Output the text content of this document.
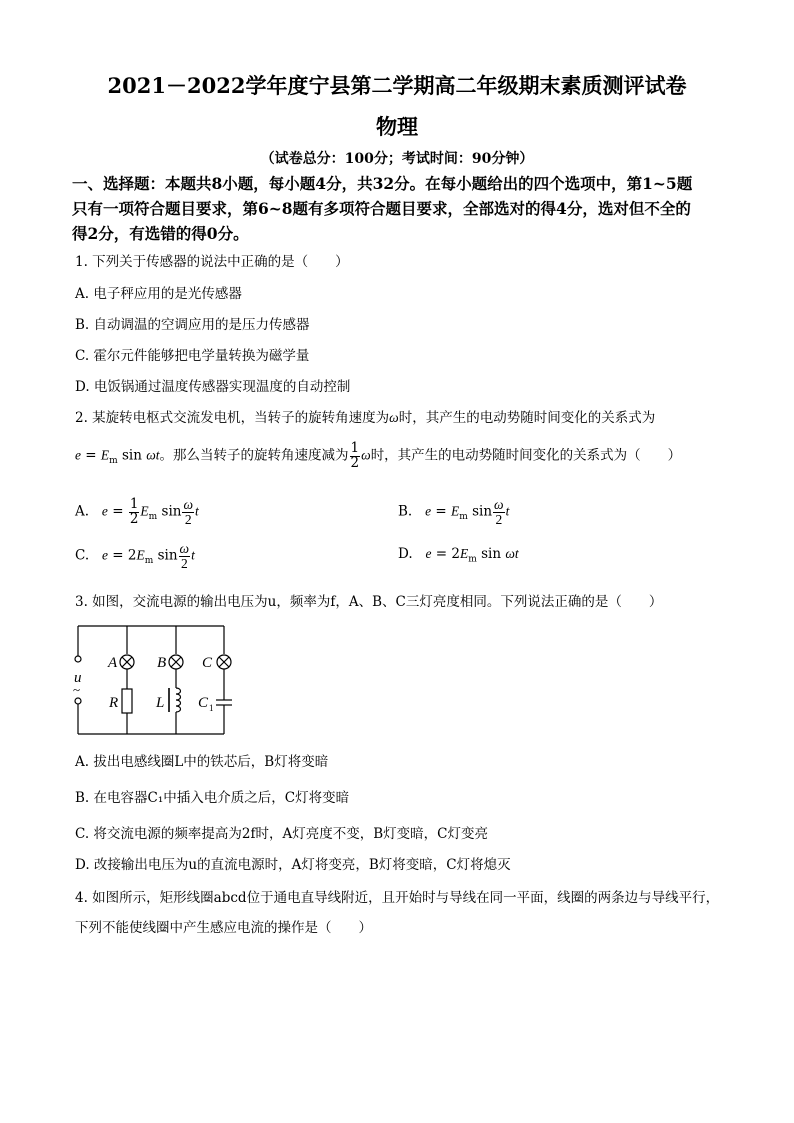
2021－2022学年度宁县第二学期高二年级期末素质测评试卷
物理
（试卷总分：100分；考试时间：90分钟）
一、选择题：本题共8小题，每小题4分，共32分。在每小题给出的四个选项中，第1~5题
只有一项符合题目要求，第6~8题有多项符合题目要求，全部选对的得4分，选对但不全的
得2分，有选错的得0分。
1. 下列关于传感器的说法中正确的是（　　）
A. 电子秤应用的是光传感器
B. 自动调温的空调应用的是压力传感器
C. 霍尔元件能够把电学量转换为磁学量
D. 电饭锅通过温度传感器实现温度的自动控制
2. 某旋转电枢式交流发电机，当转子的旋转角速度为ω时，其产生的电动势随时间变化的关系式为
$e = E_m$ sin ωt。那么当转子的旋转角速度减为 $\frac{1}{2}$ ω时，其产生的电动势随时间变化的关系式为（　　）
A. $e = \frac{1}{2} E_m$ $\sin \frac{\omega}{2}$ t	B. $e = E_m$ $\sin \frac{\omega}{2}$ t
C. $e = 2E_m$ $\sin \frac{\omega}{2}$ t	D. $e = 2E_m$ sin ωt
3. 如图，交流电源的输出电压为u，频率为f，A、B、C三灯亮度相同。下列说法正确的是（　　）
A	B C
u
R	L C 1
~
A. 拔出电感线圈L中的铁芯后，B灯将变暗
B. 在电容器C₁中插入电介质之后，C灯将变暗
C. 将交流电源的频率提高为2f时，A灯亮度不变，B灯变暗，C灯变亮
D. 改接输出电压为u的直流电源时，A灯将变亮，B灯将变暗，C灯将熄灭
4. 如图所示，矩形线圈abcd位于通电直导线附近，且开始时与导线在同一平面，线圈的两条边与导线平行，
下列不能使线圈中产生感应电流的操作是（　　）
